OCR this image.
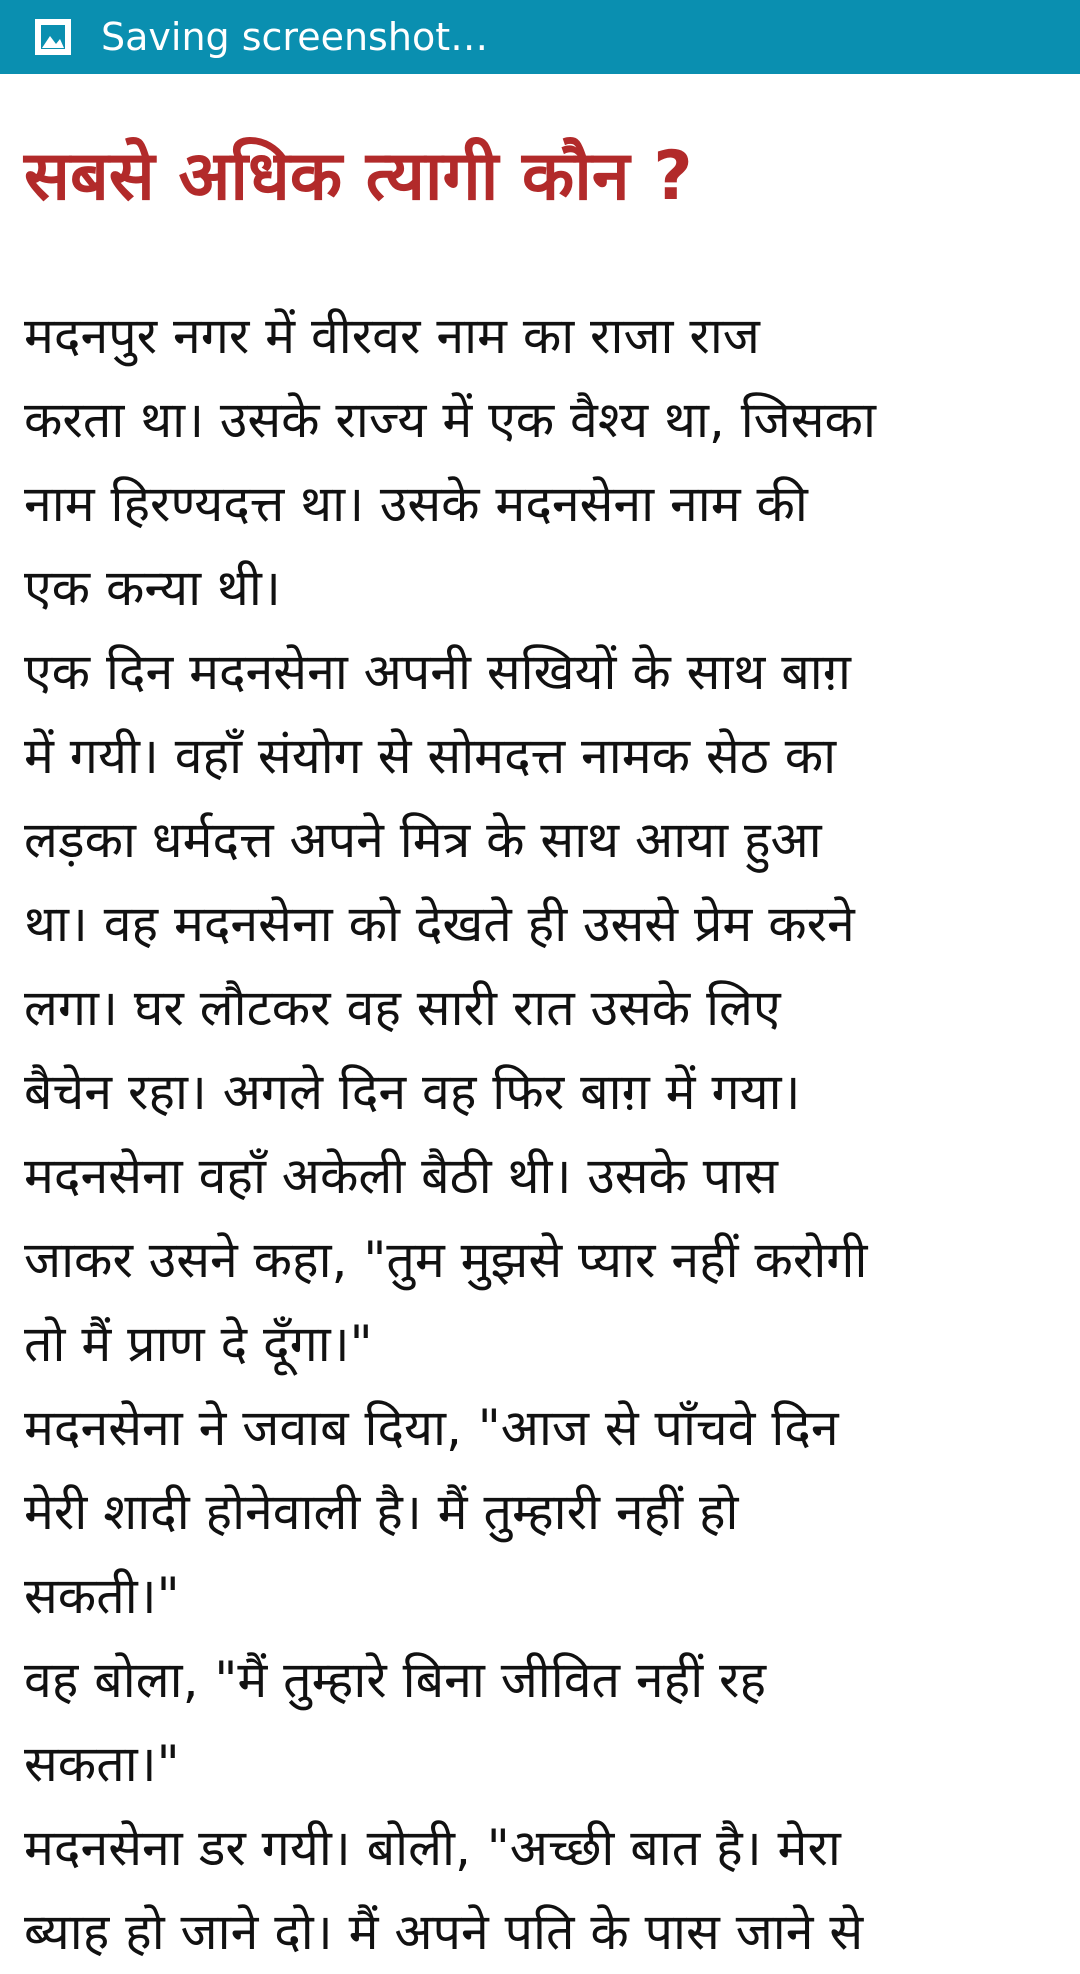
Saving screenshot…
सबसे अधिक त्यागी कौन ?

मदनपुर नगर में वीरवर नाम का राजा राज
करता था। उसके राज्य में एक वैश्य था, जिसका
नाम हिरण्यदत्त था। उसके मदनसेना नाम की
एक कन्या थी।

एक दिन मदनसेना अपनी सखियों के साथ बाग़
में गयी। वहाँ संयोग से सोमदत्त नामक सेठ का
लड़का धर्मदत्त अपने मित्र के साथ आया हुआ
था। वह मदनसेना को देखते ही उससे प्रेम करने
लगा। घर लौटकर वह सारी रात उसके लिए
बैचेन रहा। अगले दिन वह फिर बाग़ में गया।
मदनसेना वहाँ अकेली बैठी थी। उसके पास
जाकर उसने कहा, "तुम मुझसे प्यार नहीं करोगी
तो मैं प्राण दे दूँगा।"

मदनसेना ने जवाब दिया, "आज से पाँचवे दिन
मेरी शादी होनेवाली है। मैं तुम्हारी नहीं हो
सकती।"

वह बोला, "मैं तुम्हारे बिना जीवित नहीं रह
सकता।"

मदनसेना डर गयी। बोली, "अच्छी बात है। मेरा
ब्याह हो जाने दो। मैं अपने पति के पास जाने से
